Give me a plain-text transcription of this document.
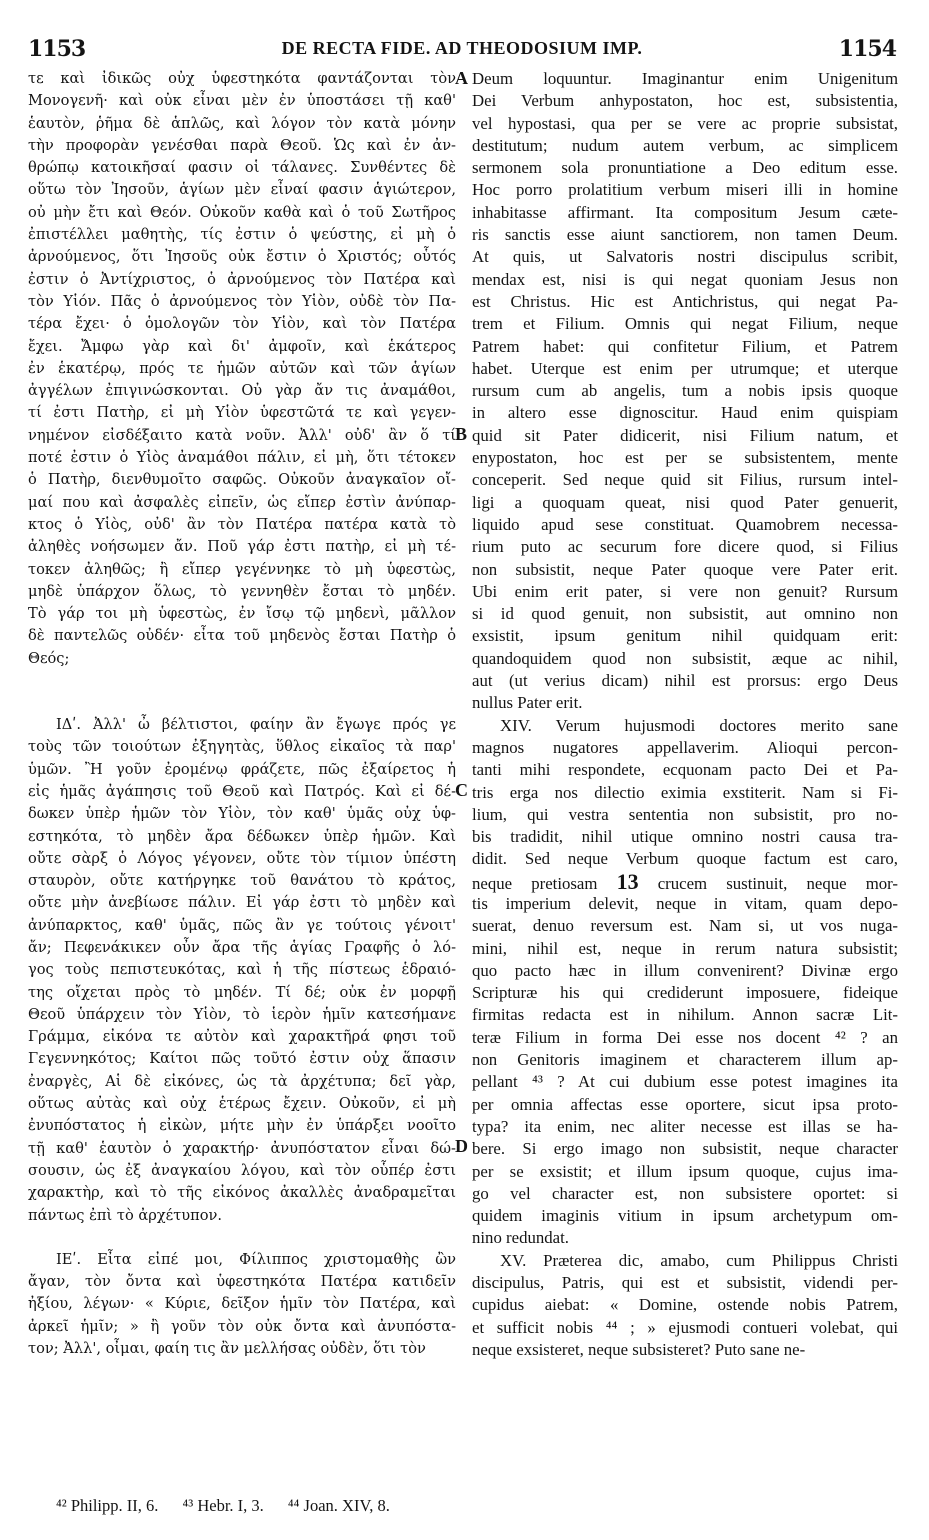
1153	DE RECTA FIDE. AD THEODOSIUM IMP.	1154
A
B
C
D
τε καὶ ἰδικῶς οὐχ ὑφεστηκότα φαντάζονται τὸν
Μονογενῆ· καὶ οὐκ εἶναι μὲν ἐν ὑποστάσει τῇ καθ'
ἑαυτὸν, ῥῆμα δὲ ἁπλῶς, καὶ λόγον τὸν κατὰ μόνην
τὴν προφορὰν γενέσθαι παρὰ Θεοῦ. Ὡς καὶ ἐν ἀν-
θρώπῳ κατοικῆσαί φασιν οἱ τάλανες. Συνθέντες δὲ
οὕτω τὸν Ἰησοῦν, ἁγίων μὲν εἶναί φασιν ἁγιώτερον,
οὐ μὴν ἔτι καὶ Θεόν. Οὐκοῦν καθὰ καὶ ὁ τοῦ Σωτῆρος
ἐπιστέλλει μαθητὴς, τίς ἐστιν ὁ ψεύστης, εἰ μὴ ὁ
ἀρνούμενος, ὅτι Ἰησοῦς οὐκ ἔστιν ὁ Χριστός; οὗτός
ἐστιν ὁ Ἀντίχριστος, ὁ ἀρνούμενος τὸν Πατέρα καὶ
τὸν Υἱόν. Πᾶς ὁ ἀρνούμενος τὸν Υἱὸν, οὐδὲ τὸν Πα-
τέρα ἔχει· ὁ ὁμολογῶν τὸν Υἱὸν, καὶ τὸν Πατέρα
ἔχει. Ἄμφω γὰρ καὶ δι' ἀμφοῖν, καὶ ἑκάτερος
ἐν ἑκατέρῳ, πρός τε ἡμῶν αὐτῶν καὶ τῶν ἁγίων
ἀγγέλων ἐπιγινώσκονται. Οὐ γὰρ ἄν τις ἀναμάθοι,
τί ἐστι Πατὴρ, εἰ μὴ Υἱὸν ὑφεστῶτά τε καὶ γεγεν-
νημένον εἰσδέξαιτο κατὰ νοῦν. Ἀλλ' οὐδ' ἂν ὅ τί
ποτέ ἐστιν ὁ Υἱὸς ἀναμάθοι πάλιν, εἰ μὴ, ὅτι τέτοκεν
ὁ Πατὴρ, διενθυμοῖτο σαφῶς. Οὐκοῦν ἀναγκαῖον οἴ-
μαί που καὶ ἀσφαλὲς εἰπεῖν, ὡς εἴπερ ἐστὶν ἀνύπαρ-
κτος ὁ Υἱὸς, οὐδ' ἂν τὸν Πατέρα πατέρα κατὰ τὸ
ἀληθὲς νοήσωμεν ἄν. Ποῦ γάρ ἐστι πατὴρ, εἰ μὴ τέ-
τοκεν ἀληθῶς; ἢ εἴπερ γεγέννηκε τὸ μὴ ὑφεστὼς,
μηδὲ ὑπάρχον ὅλως, τὸ γεννηθὲν ἔσται τὸ μηδέν.
Τὸ γάρ τοι μὴ ὑφεστὼς, ἐν ἴσῳ τῷ μηδενὶ, μᾶλλον
δὲ παντελῶς οὐδέν· εἶτα τοῦ μηδενὸς ἔσται Πατὴρ ὁ
Θεός;
ΙΔʹ. Ἀλλ' ὦ βέλτιστοι, φαίην ἂν ἔγωγε πρός γε
τοὺς τῶν τοιούτων ἐξηγητὰς, ὕθλος εἰκαῖος τὰ παρ'
ὑμῶν. Ἢ γοῦν ἐρομένῳ φράζετε, πῶς ἐξαίρετος ἡ
εἰς ἡμᾶς ἀγάπησις τοῦ Θεοῦ καὶ Πατρός. Καὶ εἰ δέ-
δωκεν ὑπὲρ ἡμῶν τὸν Υἱὸν, τὸν καθ' ὑμᾶς οὐχ ὑφ-
εστηκότα, τὸ μηδὲν ἄρα δέδωκεν ὑπὲρ ἡμῶν. Καὶ
οὔτε σὰρξ ὁ Λόγος γέγονεν, οὔτε τὸν τίμιον ὑπέστη
σταυρὸν, οὔτε κατήργηκε τοῦ θανάτου τὸ κράτος,
οὔτε μὴν ἀνεβίωσε πάλιν. Εἰ γάρ ἐστι τὸ μηδὲν καὶ
ἀνύπαρκτος, καθ' ὑμᾶς, πῶς ἂν γε τούτοις γένοιτ'
ἄν; Πεφενάκικεν οὖν ἄρα τῆς ἁγίας Γραφῆς ὁ λό-
γος τοὺς πεπιστευκότας, καὶ ἡ τῆς πίστεως ἑδραιό-
της οἴχεται πρὸς τὸ μηδέν. Τί δέ; οὐκ ἐν μορφῇ
Θεοῦ ὑπάρχειν τὸν Υἱὸν, τὸ ἱερὸν ἡμῖν κατεσήμανε
Γράμμα, εἰκόνα τε αὐτὸν καὶ χαρακτῆρά φησι τοῦ
Γεγεννηκότος; Καίτοι πῶς τοῦτό ἐστιν οὐχ ἅπασιν
ἐναργὲς, Αἱ δὲ εἰκόνες, ὡς τὰ ἀρχέτυπα; δεῖ γὰρ,
οὕτως αὐτὰς καὶ οὐχ ἑτέρως ἔχειν. Οὐκοῦν, εἰ μὴ
ἐνυπόστατος ἡ εἰκὼν, μήτε μὴν ἐν ὑπάρξει νοοῖτο
τῇ καθ' ἑαυτὸν ὁ χαρακτήρ· ἀνυπόστατον εἶναι δώ-
σουσιν, ὡς ἐξ ἀναγκαίου λόγου, καὶ τὸν οὗπέρ ἐστι
χαρακτὴρ, καὶ τὸ τῆς εἰκόνος ἀκαλλὲς ἀναδραμεῖται
πάντως ἐπὶ τὸ ἀρχέτυπον.
ΙΕʹ. Εἶτα εἰπέ μοι, Φίλιππος χριστομαθὴς ὢν
ἄγαν, τὸν ὄντα καὶ ὑφεστηκότα Πατέρα κατιδεῖν
ἠξίου, λέγων· « Κύριε, δεῖξον ἡμῖν τὸν Πατέρα, καὶ
ἀρκεῖ ἡμῖν; » ἢ γοῦν τὸν οὐκ ὄντα καὶ ἀνυπόστα-
τον; Ἀλλ', οἶμαι, φαίη τις ἂν μελλήσας οὐδὲν, ὅτι τὸν
Deum loquuntur. Imaginantur enim Unigenitum
Dei Verbum anhypostaton, hoc est, subsistentia,
vel hypostasi, qua per se vere ac proprie subsistat,
destitutum; nudum autem verbum, ac simplicem
sermonem sola pronuntiatione a Deo editum esse.
Hoc porro prolatitium verbum miseri illi in homine
inhabitasse affirmant. Ita compositum Jesum cæte-
ris sanctis esse aiunt sanctiorem, non tamen Deum.
At quis, ut Salvatoris nostri discipulus scribit,
mendax est, nisi is qui negat quoniam Jesus non
est Christus. Hic est Antichristus, qui negat Pa-
trem et Filium. Omnis qui negat Filium, neque
Patrem habet: qui confitetur Filium, et Patrem
habet. Uterque est enim per utrumque; et uterque
rursum cum ab angelis, tum a nobis ipsis quoque
in altero esse dignoscitur. Haud enim quispiam
quid sit Pater didicerit, nisi Filium natum, et
enypostaton, hoc est per se subsistentem, mente
conceperit. Sed neque quid sit Filius, rursum intel-
ligi a quoquam queat, nisi quod Pater genuerit,
liquido apud sese constituat. Quamobrem necessa-
rium puto ac securum fore dicere quod, si Filius
non subsistit, neque Pater quoque vere Pater erit.
Ubi enim erit pater, si vere non genuit? Rursum
si id quod genuit, non subsistit, aut omnino non
exsistit, ipsum genitum nihil quidquam erit:
quandoquidem quod non subsistit, æque ac nihil,
aut (ut verius dicam) nihil est prorsus: ergo Deus
nullus Pater erit.
XIV. Verum hujusmodi doctores merito sane
magnos nugatores appellaverim. Alioqui percon-
tanti mihi respondete, ecquonam pacto Dei et Pa-
tris erga nos dilectio eximia exstiterit. Nam si Fi-
lium, qui vestra sententia non subsistit, pro no-
bis tradidit, nihil utique omnino nostri causa tra-
didit. Sed neque Verbum quoque factum est caro,
neque pretiosam 13 crucem sustinuit, neque mor-
tis imperium delevit, neque in vitam, quam depo-
suerat, denuo reversum est. Nam si, ut vos nuga-
mini, nihil est, neque in rerum natura subsistit;
quo pacto hæc in illum convenirent? Divinæ ergo
Scripturæ his qui crediderunt imposuere, fideique
firmitas redacta est in nihilum. Annon sacræ Lit-
teræ Filium in forma Dei esse nos docent ⁴² ? an
non Genitoris imaginem et characterem illum ap-
pellant ⁴³ ? At cui dubium esse potest imagines ita
per omnia affectas esse oportere, sicut ipsa proto-
typa? ita enim, nec aliter necesse est illas se ha-
bere. Si ergo imago non subsistit, neque character
per se exsistit; et illum ipsum quoque, cujus ima-
go vel character est, non subsistere oportet: si
quidem imaginis vitium in ipsum archetypum om-
nino redundat.
XV. Præterea dic, amabo, cum Philippus Christi
discipulus, Patris, qui est et subsistit, videndi per-
cupidus aiebat: « Domine, ostende nobis Patrem,
et sufficit nobis ⁴⁴ ; » ejusmodi contueri volebat, qui
neque exsisteret, neque subsisteret? Puto sane ne-
⁴² Philipp. II, 6. ⁴³ Hebr. I, 3. ⁴⁴ Joan. XIV, 8.
